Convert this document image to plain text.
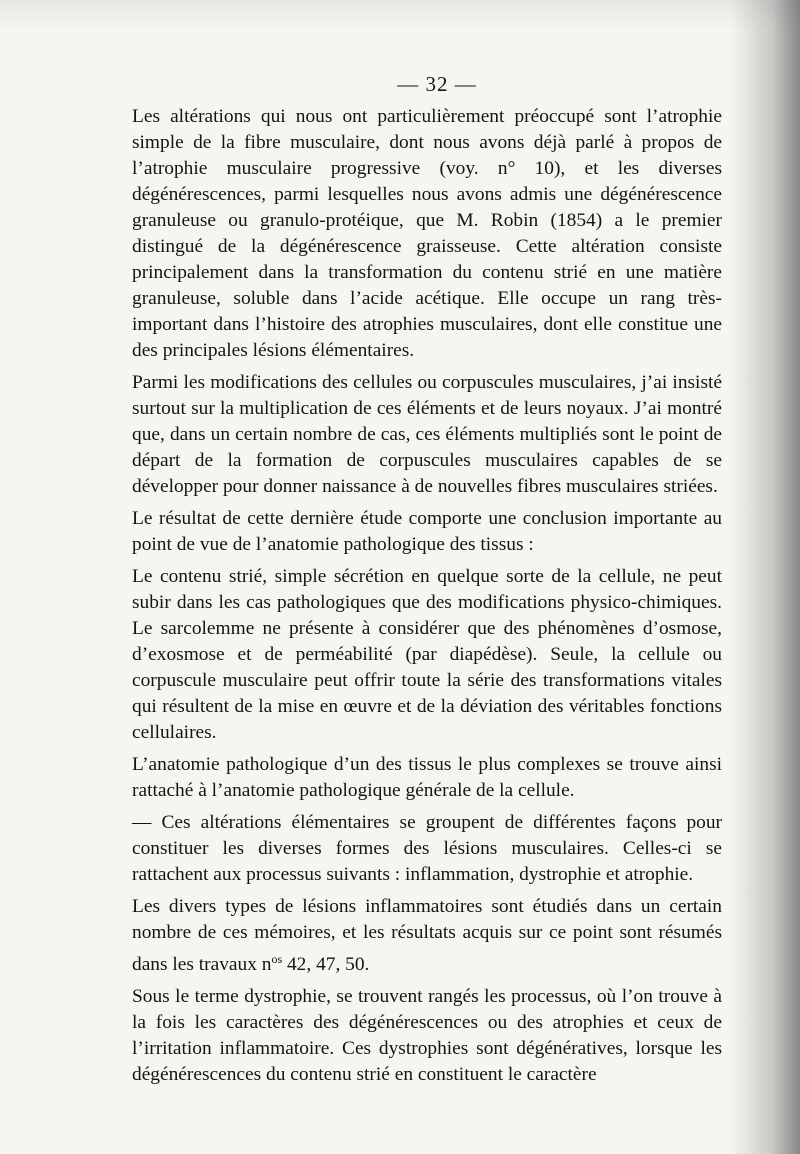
— 32 —

Les altérations qui nous ont particulièrement préoccupé sont l’atrophie simple de la fibre musculaire, dont nous avons déjà parlé à propos de l’atrophie musculaire progressive (voy. n° 10), et les diverses dégénérescences, parmi lesquelles nous avons admis une dégénérescence granuleuse ou granulo-protéique, que M. Robin (1854) a le premier distingué de la dégénérescence graisseuse. Cette altération consiste principalement dans la transformation du contenu strié en une matière granuleuse, soluble dans l’acide acétique. Elle occupe un rang très-important dans l’histoire des atrophies musculaires, dont elle constitue une des principales lésions élémentaires.

Parmi les modifications des cellules ou corpuscules musculaires, j’ai insisté surtout sur la multiplication de ces éléments et de leurs noyaux. J’ai montré que, dans un certain nombre de cas, ces éléments multipliés sont le point de départ de la formation de corpuscules musculaires capables de se développer pour donner naissance à de nouvelles fibres musculaires striées.

Le résultat de cette dernière étude comporte une conclusion importante au point de vue de l’anatomie pathologique des tissus :

Le contenu strié, simple sécrétion en quelque sorte de la cellule, ne peut subir dans les cas pathologiques que des modifications physico-chimiques. Le sarcolemme ne présente à considérer que des phénomènes d’osmose, d’exosmose et de perméabilité (par diapédèse). Seule, la cellule ou corpuscule musculaire peut offrir toute la série des transformations vitales qui résultent de la mise en œuvre et de la déviation des véritables fonctions cellulaires.

L’anatomie pathologique d’un des tissus le plus complexes se trouve ainsi rattaché à l’anatomie pathologique générale de la cellule.

— Ces altérations élémentaires se groupent de différentes façons pour constituer les diverses formes des lésions musculaires. Celles-ci se rattachent aux processus suivants : inflammation, dystrophie et atrophie.

Les divers types de lésions inflammatoires sont étudiés dans un certain nombre de ces mémoires, et les résultats acquis sur ce point sont résumés dans les travaux $n^{os}$ 42, 47, 50.

Sous le terme dystrophie, se trouvent rangés les processus, où l’on trouve à la fois les caractères des dégénérescences ou des atrophies et ceux de l’irritation inflammatoire. Ces dystrophies sont dégénératives, lorsque les dégénérescences du contenu strié en constituent le caractère
